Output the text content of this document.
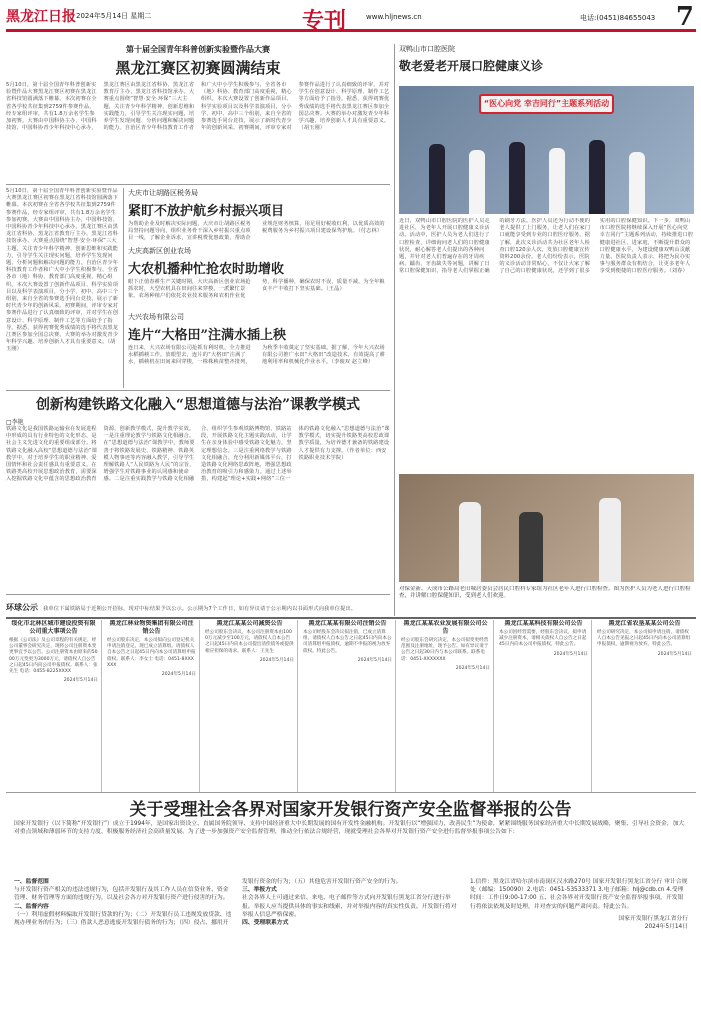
黑龙江日报 2024年5月14日 星期二	专刊	www.hljnews.cn	电话:(0451)84655043 7
第十届全国青年科普创新实验暨作品大赛
黑龙江赛区初赛圆满结束
5月10日，第十届全国青年科普创新实验暨作品大赛黑龙江赛区初赛在黑龙江省科技馆圆满落下帷幕。本次初赛在全省各学校共征集到2759件参赛作品，经专家组评审，共有1.8万余名学生参加初赛。大赛由中国科协主办，中国科技馆、中国科协青少年科技中心承办，黑龙江赛区由黑龙江省科协、黑龙江省教育厅主办，黑龙江省科技馆承办。大赛重点围绕“智慧·安全·环保”三大主题，关注青少年科学精神、创新思维和实践能力，引导学生关注现实问题，培养学生发现问题、分析问题和解决问题的能力。自治区青少年科技教育工作者和广大中小学生积极参与，全省各市（地）科协、教育部门高度重视，精心组织。本次大赛设置了创新作品项目、科学实验项目以及科学表演项目，分小学、初中、高中三个组别，来自全省的参赛选手同台竞技，展示了新时代青少年的创新风采。初赛期间，评审专家对参赛作品进行了认真细致的评审，并对学生在创意设计、科学原理、制作工艺等方面给予了指导。据悉，获得初赛优秀成绩的选手将代表黑龙江赛区参加全国总决赛。大赛的举办对激发青少年科学兴趣、培养创新人才具有重要意义。（胡玉刚）
5月10日，第十届全国青年科普创新实验暨作品大赛黑龙江赛区初赛在黑龙江省科技馆圆满落下帷幕。本次初赛在全省各学校共征集到2759件参赛作品，经专家组评审，共有1.8万余名学生参加初赛。大赛由中国科协主办，中国科技馆、中国科协青少年科技中心承办，黑龙江赛区由黑龙江省科协、黑龙江省教育厅主办，黑龙江省科技馆承办。大赛重点围绕“智慧·安全·环保”三大主题，关注青少年科学精神、创新思维和实践能力，引导学生关注现实问题，培养学生发现问题、分析问题和解决问题的能力。自治区青少年科技教育工作者和广大中小学生积极参与，全省各市（地）科协、教育部门高度重视，精心组织。本次大赛设置了创新作品项目、科学实验项目以及科学表演项目，分小学、初中、高中三个组别，来自全省的参赛选手同台竞技，展示了新时代青少年的创新风采。初赛期间，评审专家对参赛作品进行了认真细致的评审，并对学生在创意设计、科学原理、制作工艺等方面给予了指导。据悉，获得初赛优秀成绩的选手将代表黑龙江赛区参加全国总决赛。大赛的举办对激发青少年科学兴趣、培养创新人才具有重要意义。（胡玉刚）
大庆市让胡路区税务局
紧盯不放护航乡村振兴项目
为帮助企业及时解决实际问题，大庆市让胡路区税务局坚持问题导向，组织业务骨干深入乡村振兴重点项目一线，了解企业诉求，宣讲税费优惠政策，帮助企业规范财务核算，用足用好税收红利，以优质高效的税费服务为乡村振兴项目建设保驾护航。（付志林）
大庆高新区创业农场
大农机播种忙抢农时助增收
眼下正值春耕生产关键时期，大庆高新区创业农场抢抓农时，大型农机具在田间往来穿梭，一派繁忙景象。农场种植户们依托农业技术服务和农机作业优势，科学播种，确保农时不误、质量不减，为全年粮食丰产丰收打下坚实基础。（王晶）
大兴农场有限公司
连片“大格田”注满水插上秧
连日来，大兴农场有限公司抢抓有利时机，全力推进水稻插秧工作。放眼望去，连片的“大格田”注满了水，插秧机在田间来回穿梭，一株株秧苗整齐排列，为秋季丰收奠定了坚实基础。据了解，今年大兴农场有限公司推广水田“大格田”改造技术，有效提高了耕地利用率和机械化作业水平。（李俊双 赵立峰）
创新构建铁路文化融入“思想道德与法治”课教学模式
□李艳
铁路文化是我国铁路运输业在发展进程中形成的具有行业特色的文化形态，是社会主义先进文化的重要组成部分。将铁路文化融入高校“思想道德与法治”课教学中，对于培养学生的职业精神、爱国情怀和社会责任感具有重要意义。在铁路类高校开展思想政治教育，需要深入挖掘铁路文化中蕴含的思想政治教育资源，创新教学模式，提升教学实效。一是注重理论教学与铁路文化相融合。在“思想道德与法治”课教学中，教师要善于将铁路发展史、铁路精神、铁路英模人物事迹等内容融入教学，引导学生理解铁路人“人民铁路为人民”的宗旨，增强学生对铁路事业的认同感和使命感。二是注重实践教学与铁路文化相融合。组织学生参观铁路博物馆、铁路站段，开展铁路文化主题实践活动，让学生在亲身体验中感受铁路文化魅力，坚定理想信念。三是注重网络教学与铁路文化相融合。充分利用新媒体平台，打造铁路文化网络思政阵地，增强思想政治教育的吸引力和感染力。通过上述举措，构建起“理论+实践+网络”三位一体的铁路文化融入“思想道德与法治”课教学模式，切实提升铁路类高校思政课教学质量，为培养德才兼备的铁路建设人才提供有力支撑。（作者单位：西安铁路职业技术学院）
环球公示 我单位下属铁路局于近期公开招标，现对中标结果予以公示。公示期为7个工作日，如有异议请于公示期内以书面形式向我单位提出。
双鸭山市口腔医院
敬老爱老开展口腔健康义诊
“医心向党 幸吉同行”主题系列活动
近日，双鸭山市口腔医院的医护人员走进社区，为老年人开展口腔健康义诊活动。活动中，医护人员为老人们进行了口腔检查，详细询问老人们的口腔健康状况，耐心解答老人们提出的各种问题，并针对老人们普遍存在的牙周疾病、龋齿、牙齿缺失等问题，讲解了日常口腔保健知识，指导老人们掌握正确的刷牙方法。医护人员还为行动不便的老人提供了上门服务，让老人们在家门口就能享受到专业的口腔医疗服务。据了解，此次义诊活动共为社区老年人检查口腔120余人次，发放口腔健康宣传资料200余份。老人们纷纷表示，医院的义诊活动非常贴心，不仅让大家了解了自己的口腔健康状况，还学到了很多实用的口腔保健知识。下一步，双鸭山市口腔医院将继续深入开展“医心向党 幸吉同行”主题系列活动，持续推进口腔健康进社区、进家庭，不断提升群众的口腔健康水平，为建设健康双鸭山贡献力量。医院负责人表示，将把为民办实事与服务群众有机结合，让更多老年人享受到便捷的口腔医疗服务。（刘春）
对保金新、天成市公路局老旧城居委员会居民口腔科专家组为社区老年人进行口腔检查。图为医护人员为老人进行口腔检查，并讲解口腔保健知识，受到老人们欢迎。
绥化市北林区城市建设投资有限公司重大事项公告
根据《公司法》及公司章程的有关规定，经公司董事会研究决定，现将公司注册资本变更事宜予以公告。公司注册资本由原来的5000万元变更为3000万元，请债权人自公告之日起45日内向公司申报债权。联系人：张先生 电话：0455-8225XXXX
2024年5月14日
黑龙江林业物资集团有限公司注销公告
经公司股东决定，本公司拟向公司登记机关申请注销登记，现已成立清算组。请债权人自本公告之日起45日内向本公司清算组申报债权。联系人：李女士 电话：0451-8XXXXXX
2024年5月14日
黑龙江某某公司减资公告
经公司股东会决议，本公司注册资本由1000万元减少至100万元，请债权人自本公告之日起45日内向本公司提出清偿债务或提供相应担保的请求。联系人：王先生
2024年5月14日
黑龙江某某有限公司注销公告
本公司经股东会决议拟注销，已成立清算组，请债权人自本公告之日起45日内向本公司清算组申报债权，逾期不申报的视为放弃债权。特此公告。
2024年5月14日
黑龙江某某农业发展有限公司公告
经公司股东会研究决定，本公司拟变更经营范围及注册地址，现予公告。如有异议请于公告之日起30日内与本公司联系。联系电话：0451-XXXXXXX
2024年5月14日
黑龙江某某科技有限公司公告
本公司因经营需要，经股东会决议，拟申请减少注册资本，请相关债权人自公告之日起45日内向本公司申报债权，特此公告。
2024年5月14日
黑龙江省农垦某某公司公告
经公司研究决定，本公司拟申请注销，请债权人自本公告见报之日起45日内向本公司清算组申报债权，逾期视为放弃。特此公告。
2024年5月14日
关于受理社会各界对国家开发银行资产安全监督举报的公告
国家开发银行（以下简称“开发银行”）成立于1994年，是国家出资设立、直属国务院领导、支持中国经济重大中长期发展的国有开发性金融机构。开发银行以“增强国力，改善民生”为使命，紧紧围绕服务国家经济重大中长期发展战略，聚集、引导社会资金，加大对重点领域和薄弱环节的支持力度，积极服务经济社会高质量发展。为了进一步加强资产安全监督管理，推动全行依法合规经营，现就受理社会各界对开发银行资产安全进行监督举报事项公告如下：
一、监督范围
与开发银行资产相关的违法违规行为，包括开发银行及其工作人员在信贷业务、资金管理、财务管理等方面的违规行为，以及社会各方对开发银行资产进行侵害的行为。
二、监督内容
（一）利用虚假材料骗取开发银行贷款的行为；（二）开发银行员工违规发放贷款、违规办理业务的行为；（三）借款人恶意逃废开发银行债务的行为；（四）侵占、挪用开发银行资金的行为；（五）其他危害开发银行资产安全的行为。
三、举报方式
社会各界人士可通过来信、来电、电子邮件等方式向开发银行黑龙江省分行进行举报。举报人应当提供具体的事实和线索，并对举报内容的真实性负责。开发银行将对举报人信息严格保密。
四、受理联系方式
1.信件：黑龙江省哈尔滨市南岗区汉水路270号 国家开发银行黑龙江省分行 审计合规处（邮编：150090）2.电话：0451-53533371 3.电子邮箱：hlj@cdb.cn 4.受理时间：工作日9:00-17:00 五、社会各界对开发银行资产安全监督举报事项，开发银行将依法依规及时处理，并对查实的问题严肃问责。特此公告。
国家开发银行黑龙江省分行
2024年5月14日
